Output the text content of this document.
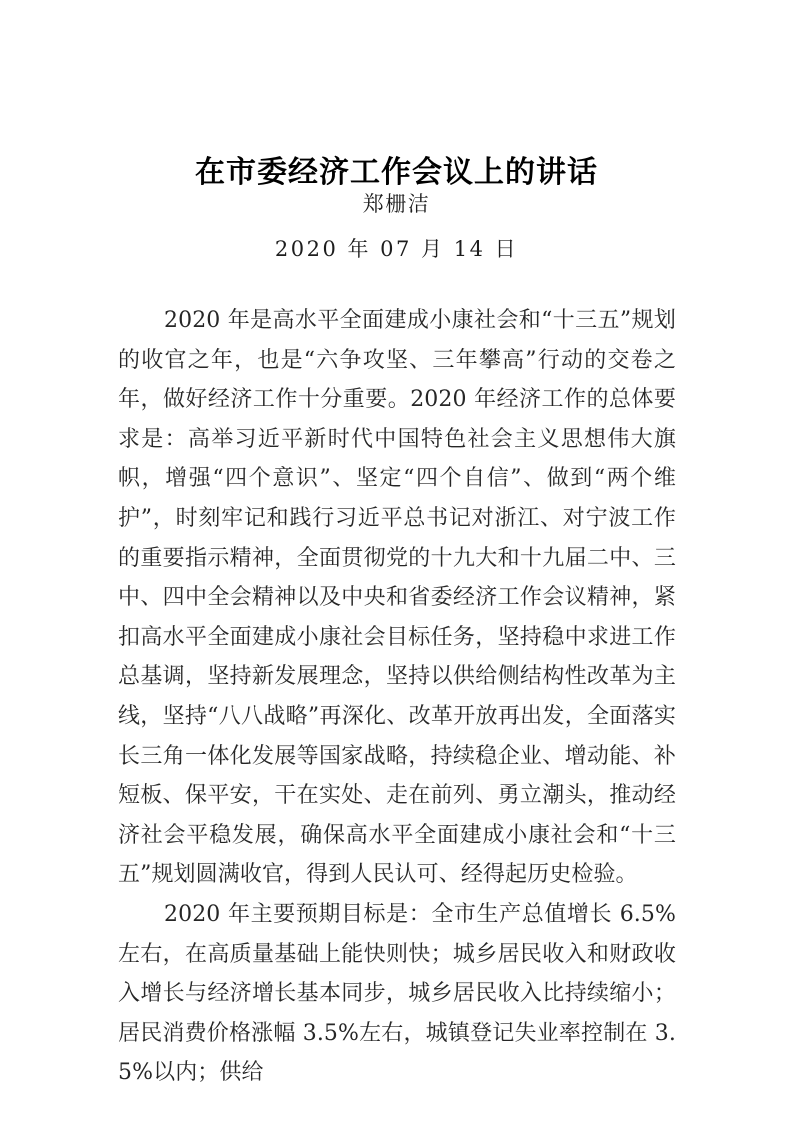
在市委经济工作会议上的讲话
郑栅洁
2020 年 07 月 14 日

2020 年是高水平全面建成小康社会和“十三五”规划的收官之年，也是“六争攻坚、三年攀高”行动的交卷之年，做好经济工作十分重要。2020 年经济工作的总体要求是：高举习近平新时代中国特色社会主义思想伟大旗帜，增强“四个意识”、坚定“四个自信”、做到“两个维护”，时刻牢记和践行习近平总书记对浙江、对宁波工作的重要指示精神，全面贯彻党的十九大和十九届二中、三中、四中全会精神以及中央和省委经济工作会议精神，紧扣高水平全面建成小康社会目标任务，坚持稳中求进工作总基调，坚持新发展理念，坚持以供给侧结构性改革为主线，坚持“八八战略”再深化、改革开放再出发，全面落实长三角一体化发展等国家战略，持续稳企业、增动能、补短板、保平安，干在实处、走在前列、勇立潮头，推动经济社会平稳发展，确保高水平全面建成小康社会和“十三五”规划圆满收官，得到人民认可、经得起历史检验。

2020 年主要预期目标是：全市生产总值增长 6.5%左右，在高质量基础上能快则快；城乡居民收入和财政收入增长与经济增长基本同步，城乡居民收入比持续缩小；居民消费价格涨幅 3.5%左右，城镇登记失业率控制在 3.5%以内；供给
